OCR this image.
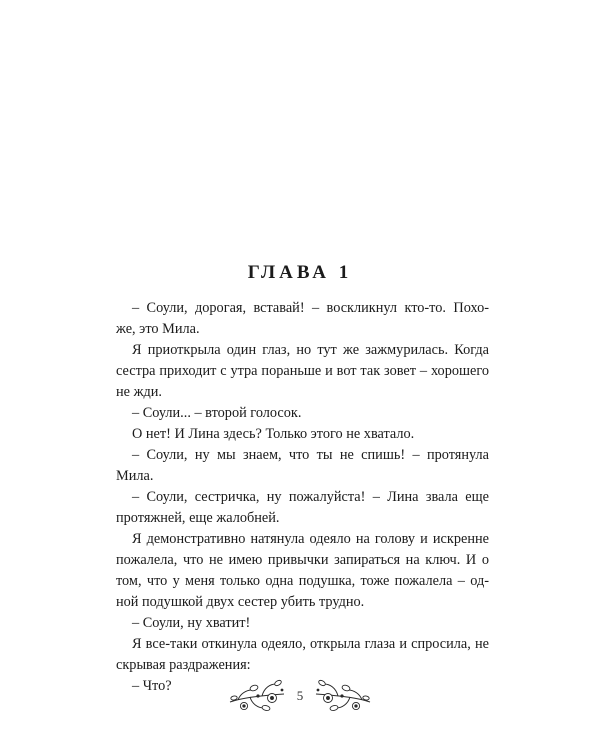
ГЛАВА 1
– Соули, дорогая, вставай! – воскликнул кто-то. Похо-
же, это Мила.
Я приоткрыла один глаз, но тут же зажмурилась. Когда
сестра приходит с утра пораньше и вот так зовет – хорошего
не жди.
– Соули... – второй голосок.
О нет! И Лина здесь? Только этого не хватало.
– Соули, ну мы знаем, что ты не спишь! – протянула
Мила.
– Соули, сестричка, ну пожалуйста! – Лина звала еще
протяжней, еще жалобней.
Я демонстративно натянула одеяло на голову и искренне
пожалела, что не имею привычки запираться на ключ. И о
том, что у меня только одна подушка, тоже пожалела – од-
ной подушкой двух сестер убить трудно.
– Соули, ну хватит!
Я все-таки откинула одеяло, открыла глаза и спросила, не
скрывая раздражения:
– Что?
5
